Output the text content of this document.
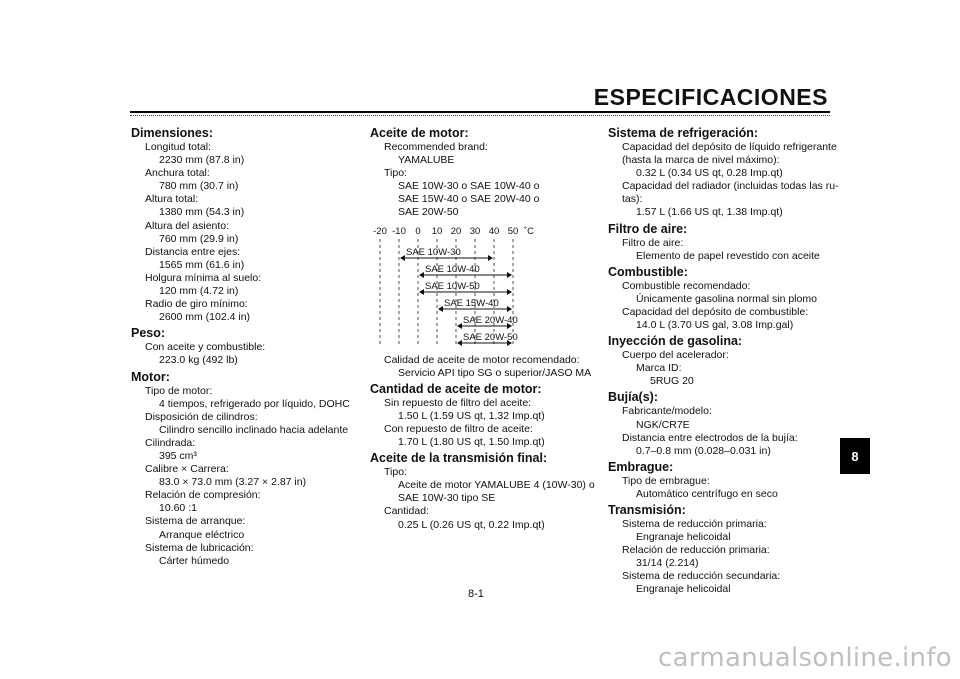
ESPECIFICACIONES
Dimensiones:
Longitud total:
2230 mm (87.8 in)
Anchura total:
780 mm (30.7 in)
Altura total:
1380 mm (54.3 in)
Altura del asiento:
760 mm (29.9 in)
Distancia entre ejes:
1565 mm (61.6 in)
Holgura mínima al suelo:
120 mm (4.72 in)
Radio de giro mínimo:
2600 mm (102.4 in)
Peso:
Con aceite y combustible:
223.0 kg (492 lb)
Motor:
Tipo de motor:
4 tiempos, refrigerado por líquido, DOHC
Disposición de cilindros:
Cilindro sencillo inclinado hacia adelante
Cilindrada:
395 cm³
Calibre × Carrera:
83.0 × 73.0 mm (3.27 × 2.87 in)
Relación de compresión:
10.60 :1
Sistema de arranque:
Arranque eléctrico
Sistema de lubricación:
Cárter húmedo
Aceite de motor:
Recommended brand:
YAMALUBE
Tipo:
SAE 10W-30 o SAE 10W-40 o
SAE 15W-40 o SAE 20W-40 o
SAE 20W-50
-20 -10 0 10 20 30 40 50 ˚C
SAE 10W-30
SAE 10W-40
SAE 10W-50
SAE 15W-40
SAE 20W-40
SAE 20W-50
Calidad de aceite de motor recomendado:
Servicio API tipo SG o superior/JASO MA
Cantidad de aceite de motor:
Sin repuesto de filtro del aceite:
1.50 L (1.59 US qt, 1.32 Imp.qt)
Con repuesto de filtro de aceite:
1.70 L (1.80 US qt, 1.50 Imp.qt)
Aceite de la transmisión final:
Tipo:
Aceite de motor YAMALUBE 4 (10W-30) o
SAE 10W-30 tipo SE
Cantidad:
0.25 L (0.26 US qt, 0.22 Imp.qt)
Sistema de refrigeración:
Capacidad del depósito de líquido refrigerante
(hasta la marca de nivel máximo):
0.32 L (0.34 US qt, 0.28 Imp.qt)
Capacidad del radiador (incluidas todas las ru-
tas):
1.57 L (1.66 US qt, 1.38 Imp.qt)
Filtro de aire:
Filtro de aire:
Elemento de papel revestido con aceite
Combustible:
Combustible recomendado:
Únicamente gasolina normal sin plomo
Capacidad del depósito de combustible:
14.0 L (3.70 US gal, 3.08 Imp.gal)
Inyección de gasolina:
Cuerpo del acelerador:
Marca ID:
5RUG 20
Bujía(s):
Fabricante/modelo:
NGK/CR7E
Distancia entre electrodos de la bujía:
0.7–0.8 mm (0.028–0.031 in)
Embrague:
Tipo de embrague:
Automático centrífugo en seco
Transmisión:
Sistema de reducción primaria:
Engranaje helicoidal
Relación de reducción primaria:
31/14 (2.214)
Sistema de reducción secundaria:
Engranaje helicoidal
8
8-1
carmanualsonline.info
